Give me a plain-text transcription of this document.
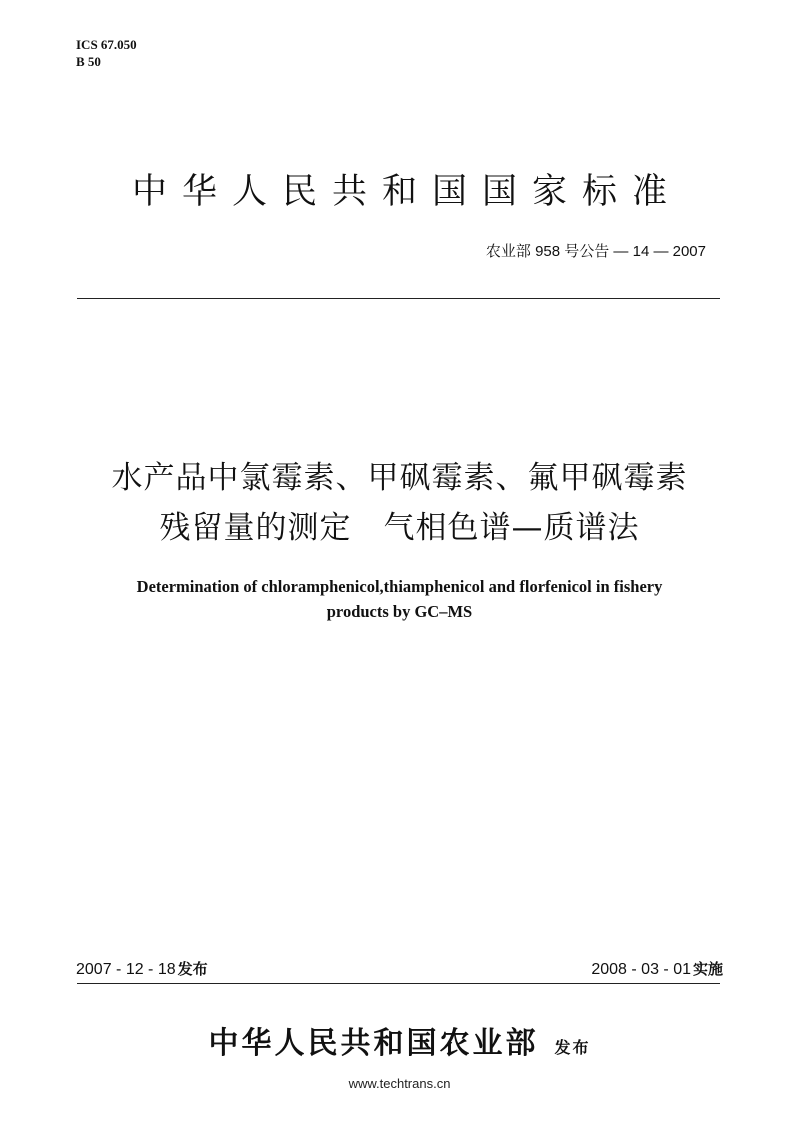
ICS 67.050
B 50
中华人民共和国国家标准
农业部 958 号公告 — 14 — 2007
水产品中氯霉素、甲砜霉素、氟甲砜霉素
残留量的测定　气相色谱—质谱法
Determination of chloramphenicol,thiamphenicol and florfenicol in fishery
products by GC–MS
2007 - 12 - 18 发布	2008 - 03 - 01 实施
中华人民共和国农业部 发布
www.techtrans.cn
